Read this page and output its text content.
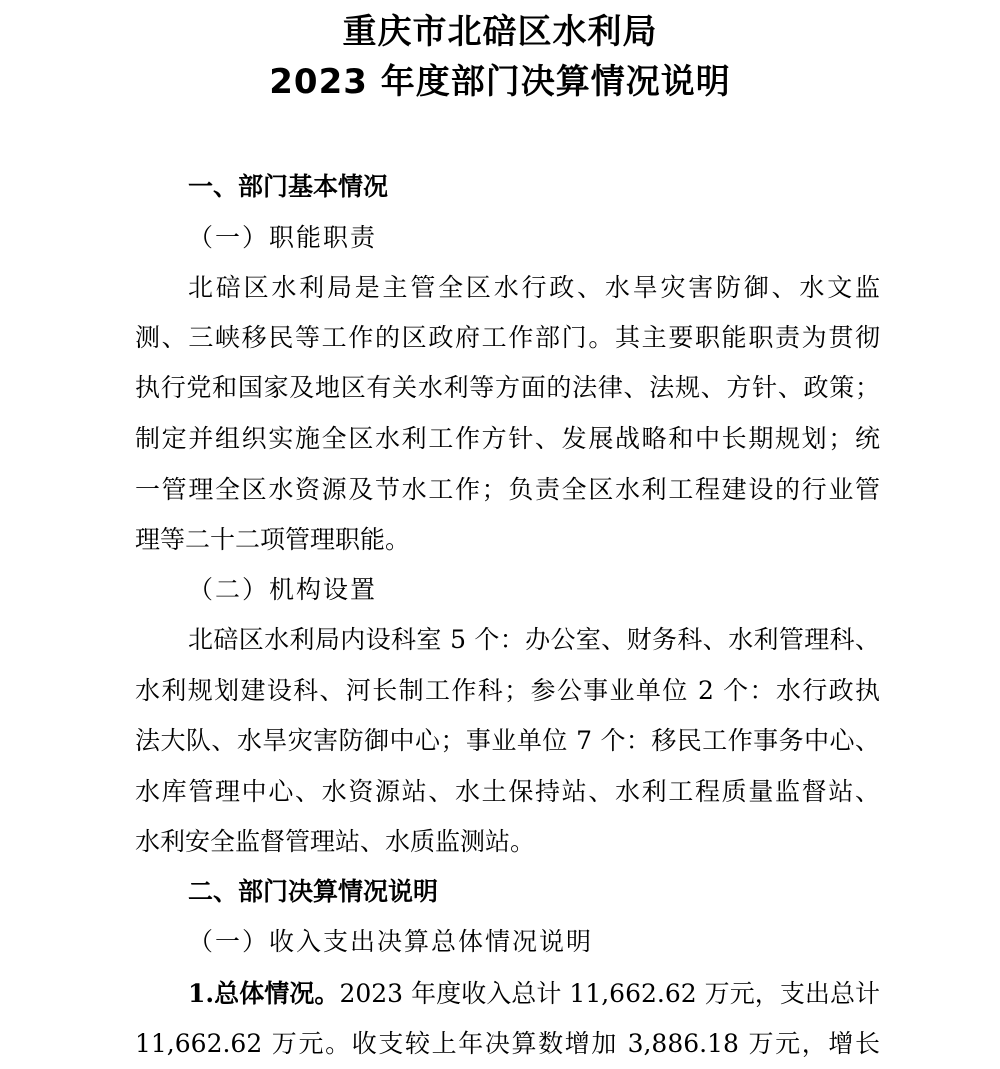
重庆市北碚区水利局
2023 年度部门决算情况说明
一、部门基本情况
（一）职能职责
北碚区水利局是主管全区水行政、水旱灾害防御、水文监
测、三峡移民等工作的区政府工作部门。其主要职能职责为贯彻
执行党和国家及地区有关水利等方面的法律、法规、方针、政策；
制定并组织实施全区水利工作方针、发展战略和中长期规划；统
一管理全区水资源及节水工作；负责全区水利工程建设的行业管
理等二十二项管理职能。
（二）机构设置
北碚区水利局内设科室 5 个：办公室、财务科、水利管理科、
水利规划建设科、河长制工作科；参公事业单位 2 个：水行政执
法大队、水旱灾害防御中心；事业单位 7 个：移民工作事务中心、
水库管理中心、水资源站、水土保持站、水利工程质量监督站、
水利安全监督管理站、水质监测站。
二、部门决算情况说明
（一）收入支出决算总体情况说明
1.总体情况。2023 年度收入总计 11,662.62 万元，支出总计
11,662.62 万元。收支较上年决算数增加 3,886.18 万元，增长
